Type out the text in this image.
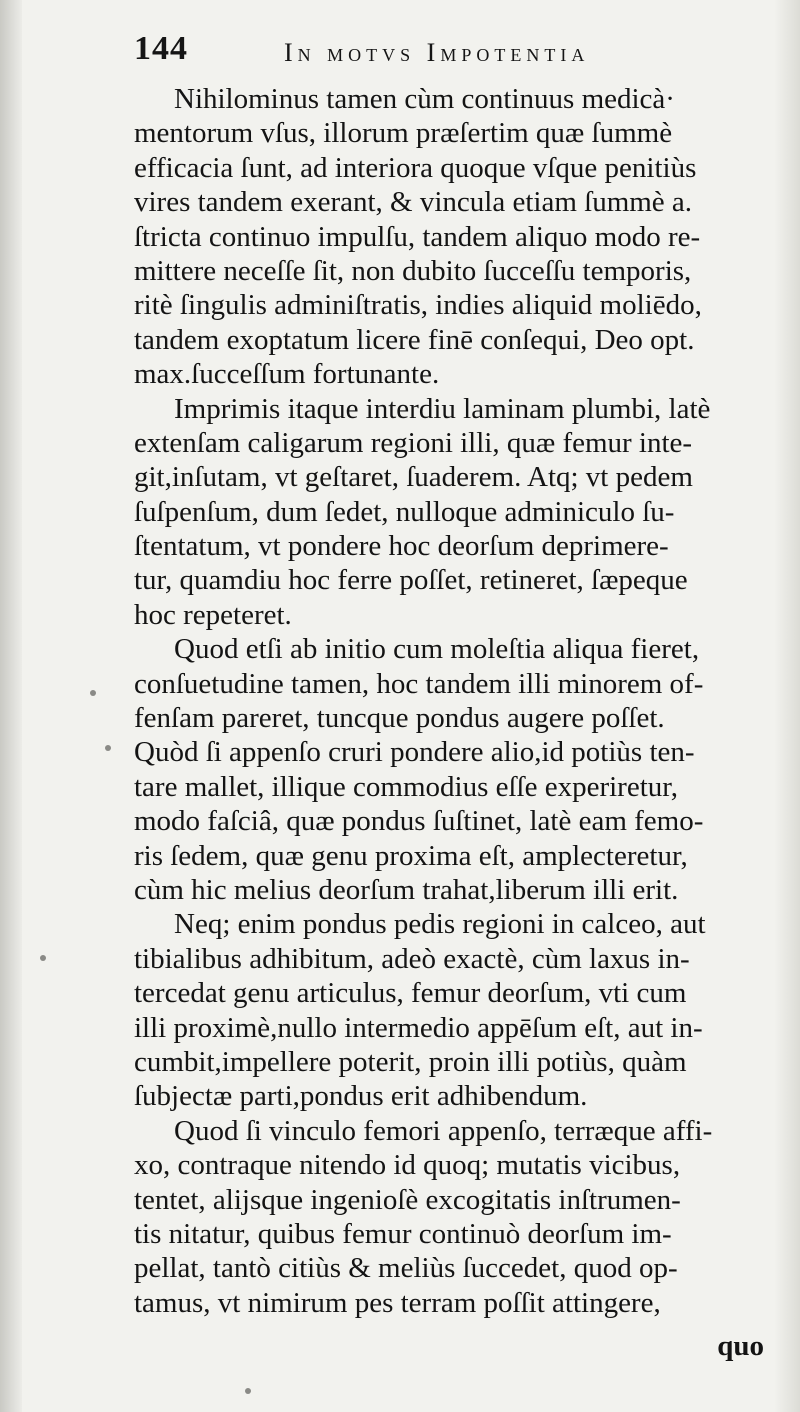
144	In motvs Impotentia
Nihilominus tamen cùm continuus medicà·
mentorum vſus, illorum præſertim quæ ſummè
efficacia ſunt, ad interiora quoque vſque penitiùs
vires tandem exerant, & vincula etiam ſummè a.
ſtricta continuo impulſu, tandem aliquo modo re-
mittere neceſſe ſit, non dubito ſucceſſu temporis,
ritè ſingulis adminiſtratis, indies aliquid moliēdo,
tandem exoptatum licere finē conſequi, Deo opt.
max.ſucceſſum fortunante.
Imprimis itaque interdiu laminam plumbi, latè
extenſam caligarum regioni illi, quæ femur inte-
git,inſutam, vt geſtaret, ſuaderem. Atq; vt pedem
ſuſpenſum, dum ſedet, nulloque adminiculo ſu-
ſtentatum, vt pondere hoc deorſum deprimere-
tur, quamdiu hoc ferre poſſet, retineret, ſæpeque
hoc repeteret.
Quod etſi ab initio cum moleſtia aliqua fieret,
conſuetudine tamen, hoc tandem illi minorem of-
fenſam pareret, tuncque pondus augere poſſet.
Quòd ſi appenſo cruri pondere alio,id potiùs ten-
tare mallet, illique commodius eſſe experiretur,
modo faſciâ, quæ pondus ſuſtinet, latè eam femo-
ris ſedem, quæ genu proxima eſt, amplecteretur,
cùm hic melius deorſum trahat,liberum illi erit.
Neq; enim pondus pedis regioni in calceo, aut
tibialibus adhibitum, adeò exactè, cùm laxus in-
tercedat genu articulus, femur deorſum, vti cum
illi proximè,nullo intermedio appēſum eſt, aut in-
cumbit,impellere poterit, proin illi potiùs, quàm
ſubjectæ parti,pondus erit adhibendum.
Quod ſi vinculo femori appenſo, terræque affi-
xo, contraque nitendo id quoq; mutatis vicibus,
tentet, alijsque ingenioſè excogitatis inſtrumen-
tis nitatur, quibus femur continuò deorſum im-
pellat, tantò citiùs & meliùs ſuccedet, quod op-
tamus, vt nimirum pes terram poſſit attingere,
quo
